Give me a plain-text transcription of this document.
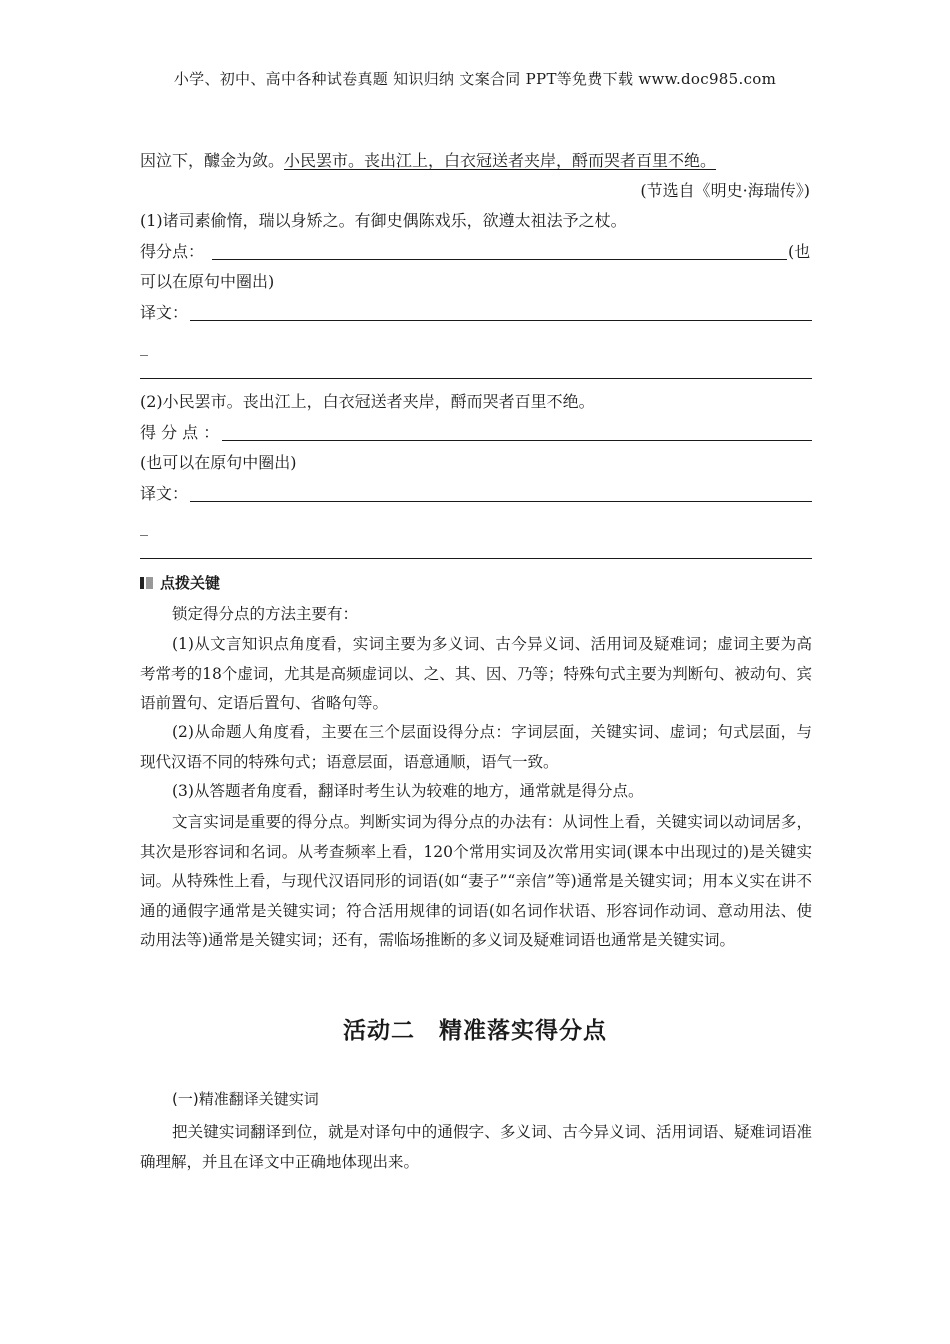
小学、初中、高中各种试卷真题 知识归纳 文案合同 PPT等免费下载 www.doc985.com
因泣下，醵金为敛。小民罢市。丧出江上，白衣冠送者夹岸，酹而哭者百里不绝。
(节选自《明史·海瑞传》)
(1)诸司素偷惰，瑞以身矫之。有御史偶陈戏乐，欲遵太祖法予之杖。
得分点：	(也
可以在原句中圈出)
译文：
_
(2)小民罢市。丧出江上，白衣冠送者夹岸，酹而哭者百里不绝。
得 分 点 ：
(也可以在原句中圈出)
译文：
_
点拨关键
锁定得分点的方法主要有：
(1)从文言知识点角度看，实词主要为多义词、古今异义词、活用词及疑难词；虚词主要为高考常考的18个虚词，尤其是高频虚词以、之、其、因、乃等；特殊句式主要为判断句、被动句、宾语前置句、定语后置句、省略句等。
(2)从命题人角度看，主要在三个层面设得分点：字词层面，关键实词、虚词；句式层面，与现代汉语不同的特殊句式；语意层面，语意通顺，语气一致。
(3)从答题者角度看，翻译时考生认为较难的地方，通常就是得分点。
文言实词是重要的得分点。判断实词为得分点的办法有：从词性上看，关键实词以动词居多，其次是形容词和名词。从考查频率上看，120个常用实词及次常用实词(课本中出现过的)是关键实词。从特殊性上看，与现代汉语同形的词语(如“妻子”“亲信”等)通常是关键实词；用本义实在讲不通的通假字通常是关键实词；符合活用规律的词语(如名词作状语、形容词作动词、意动用法、使动用法等)通常是关键实词；还有，需临场推断的多义词及疑难词语也通常是关键实词。
活动二　精准落实得分点
(一)精准翻译关键实词
把关键实词翻译到位，就是对译句中的通假字、多义词、古今异义词、活用词语、疑难词语准确理解，并且在译文中正确地体现出来。
